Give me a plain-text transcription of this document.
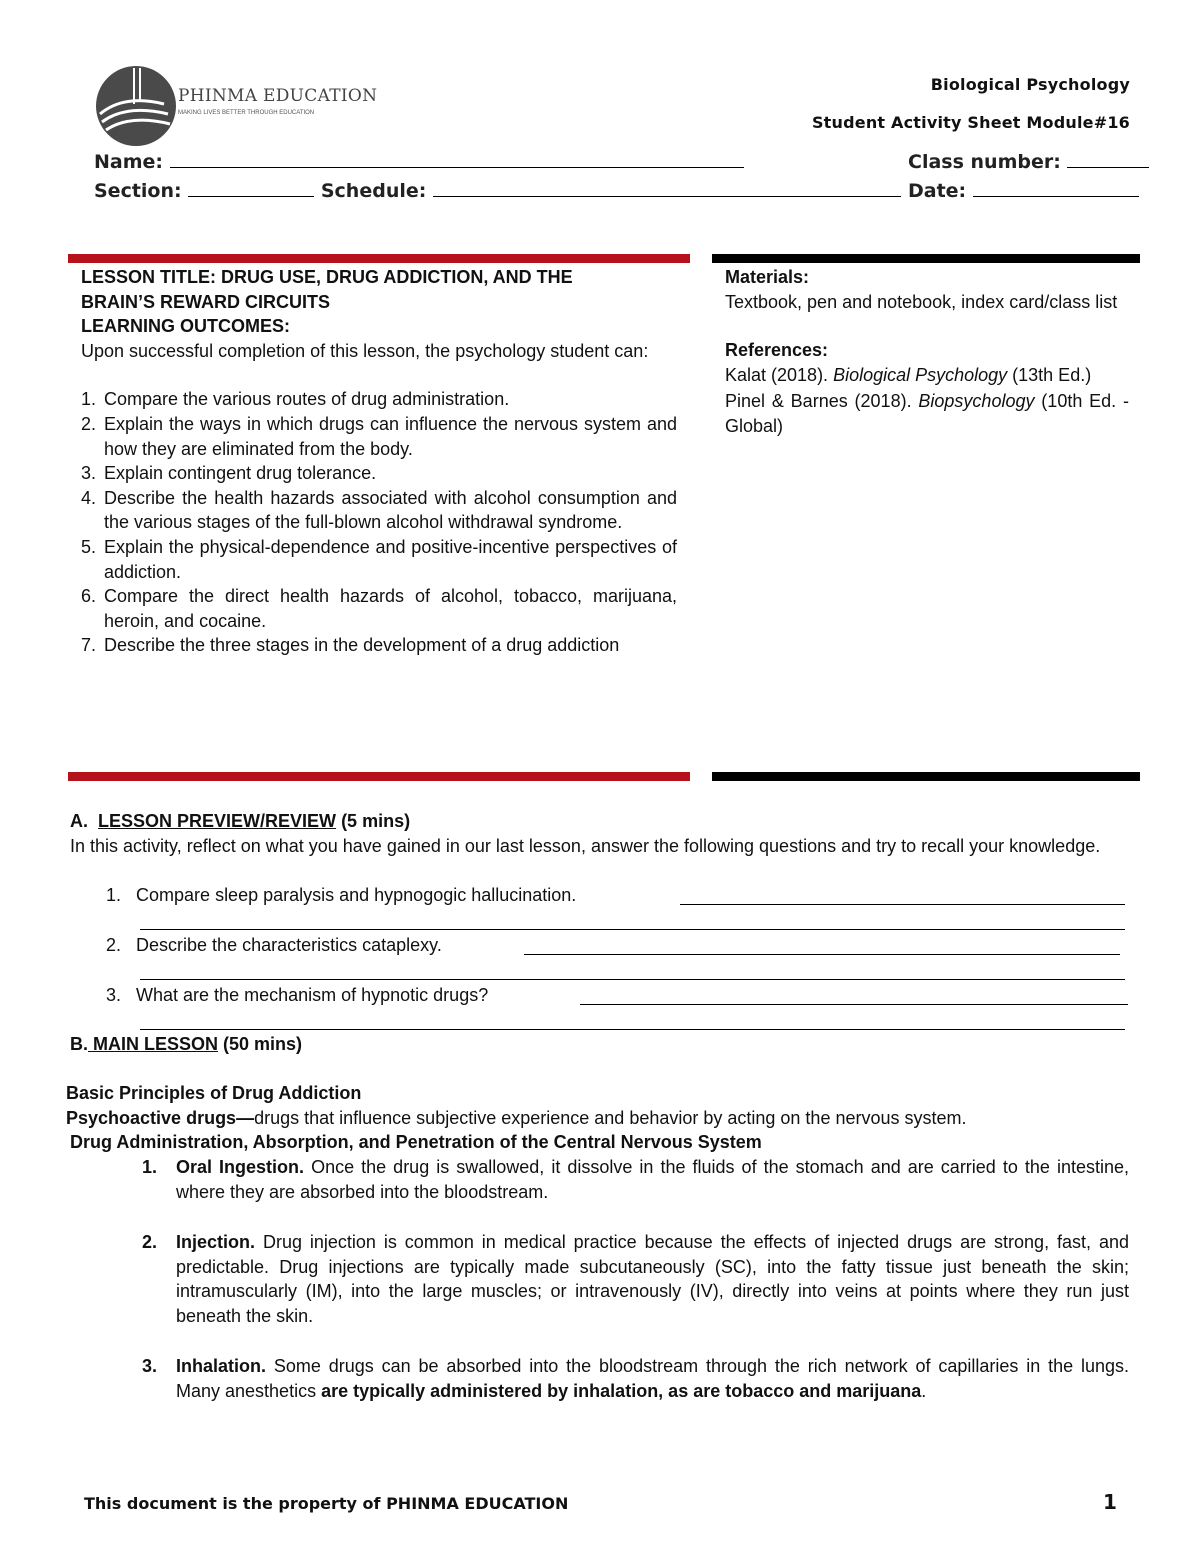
PHINMA EDUCATION
MAKING LIVES BETTER THROUGH EDUCATION
Biological Psychology
Student Activity Sheet Module#16
Name:	Class number:
Section:	Schedule:	Date:
LESSON TITLE: DRUG USE, DRUG ADDICTION, AND THE
BRAIN’S REWARD CIRCUITS
LEARNING OUTCOMES:
Upon successful completion of this lesson, the psychology student can:
1. Compare the various routes of drug administration.
2. Explain the ways in which drugs can influence the nervous system and how they are eliminated from the body.
3. Explain contingent drug tolerance.
4. Describe the health hazards associated with alcohol consumption and the various stages of the full-blown alcohol withdrawal syndrome.
5. Explain the physical-dependence and positive-incentive perspectives of addiction.
6. Compare the direct health hazards of alcohol, tobacco, marijuana, heroin, and cocaine.
7. Describe the three stages in the development of a drug addiction
Materials:
Textbook, pen and notebook, index card/class list
References:
Kalat (2018). Biological Psychology (13th Ed.)
Pinel & Barnes (2018). Biopsychology (10th Ed. - Global)
A. LESSON PREVIEW/REVIEW (5 mins)
In this activity, reflect on what you have gained in our last lesson, answer the following questions and try to recall your knowledge.
1. Compare sleep paralysis and hypnogogic hallucination.
2. Describe the characteristics cataplexy.
3. What are the mechanism of hypnotic drugs?
B. MAIN LESSON (50 mins)
Basic Principles of Drug Addiction
Psychoactive drugs—drugs that influence subjective experience and behavior by acting on the nervous system.
Drug Administration, Absorption, and Penetration of the Central Nervous System
1. Oral Ingestion. Once the drug is swallowed, it dissolve in the fluids of the stomach and are carried to the intestine, where they are absorbed into the bloodstream.
2. Injection. Drug injection is common in medical practice because the effects of injected drugs are strong, fast, and predictable. Drug injections are typically made subcutaneously (SC), into the fatty tissue just beneath the skin; intramuscularly (IM), into the large muscles; or intravenously (IV), directly into veins at points where they run just beneath the skin.
3. Inhalation. Some drugs can be absorbed into the bloodstream through the rich network of capillaries in the lungs. Many anesthetics are typically administered by inhalation, as are tobacco and marijuana.
This document is the property of PHINMA EDUCATION	1
